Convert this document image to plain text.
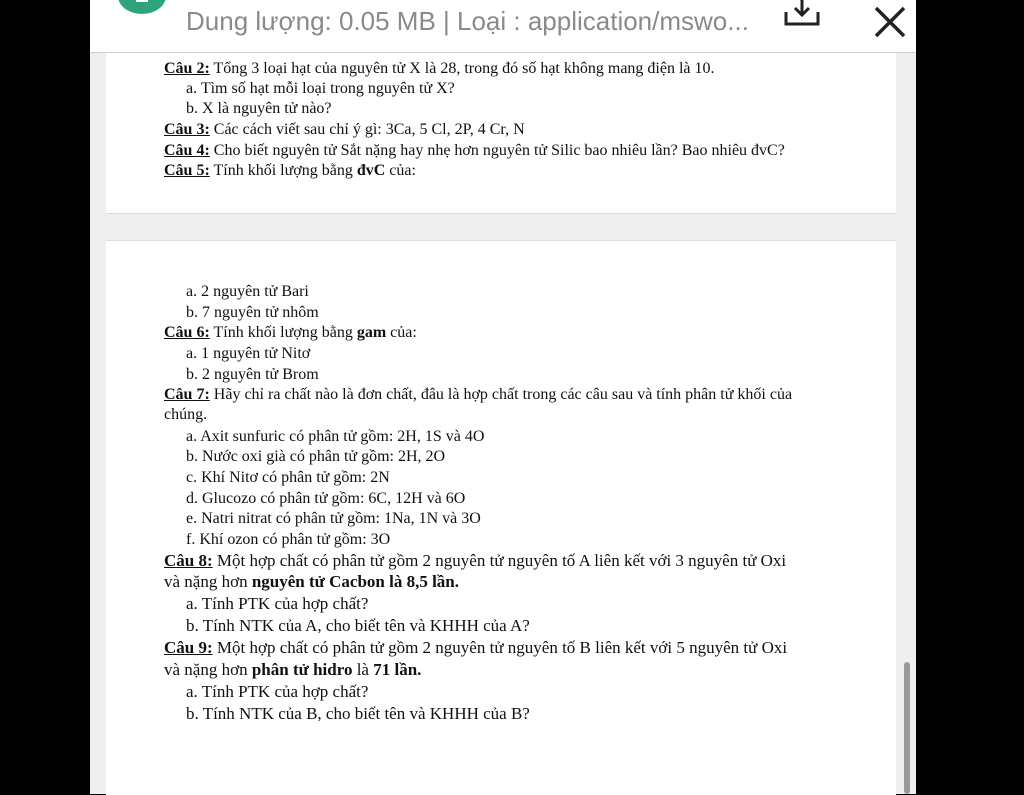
Dung lượng: 0.05 MB | Loại : application/mswo...
Câu 2: Tổng 3 loại hạt của nguyên tử X là 28, trong đó số hạt không mang điện là 10.
a. Tìm số hạt mỗi loại trong nguyên tử X?
b. X là nguyên tử nào?
Câu 3: Các cách viết sau chỉ ý gì: 3Ca, 5 Cl, 2P, 4 Cr, N
Câu 4: Cho biết nguyên tử Sắt nặng hay nhẹ hơn nguyên tử Silic bao nhiêu lần? Bao nhiêu đvC?
Câu 5: Tính khối lượng bằng đvC của:
a. 2 nguyên tử Bari
b. 7 nguyên tử nhôm
Câu 6: Tính khối lượng bằng gam của:
a. 1 nguyên tử Nitơ
b. 2 nguyên tử Brom
Câu 7: Hãy chỉ ra chất nào là đơn chất, đâu là hợp chất trong các câu sau và tính phân tử khối của
chúng.
a. Axit sunfuric có phân tử gồm: 2H, 1S và 4O
b. Nước oxi già có phân tử gồm: 2H, 2O
c. Khí Nitơ có phân tử gồm: 2N
d. Glucozo có phân tử gồm: 6C, 12H và 6O
e. Natri nitrat có phân tử gồm: 1Na, 1N và 3O
f. Khí ozon có phân tử gồm: 3O
Câu 8: Một hợp chất có phân tử gồm 2 nguyên tử nguyên tố A liên kết với 3 nguyên tử Oxi
và nặng hơn nguyên tử Cacbon là 8,5 lần.
a. Tính PTK của hợp chất?
b. Tính NTK của A, cho biết tên và KHHH của A?
Câu 9: Một hợp chất có phân tử gồm 2 nguyên tử nguyên tố B liên kết với 5 nguyên tử Oxi
và nặng hơn phân tử hidro là 71 lần.
a. Tính PTK của hợp chất?
b. Tính NTK của B, cho biết tên và KHHH của B?
